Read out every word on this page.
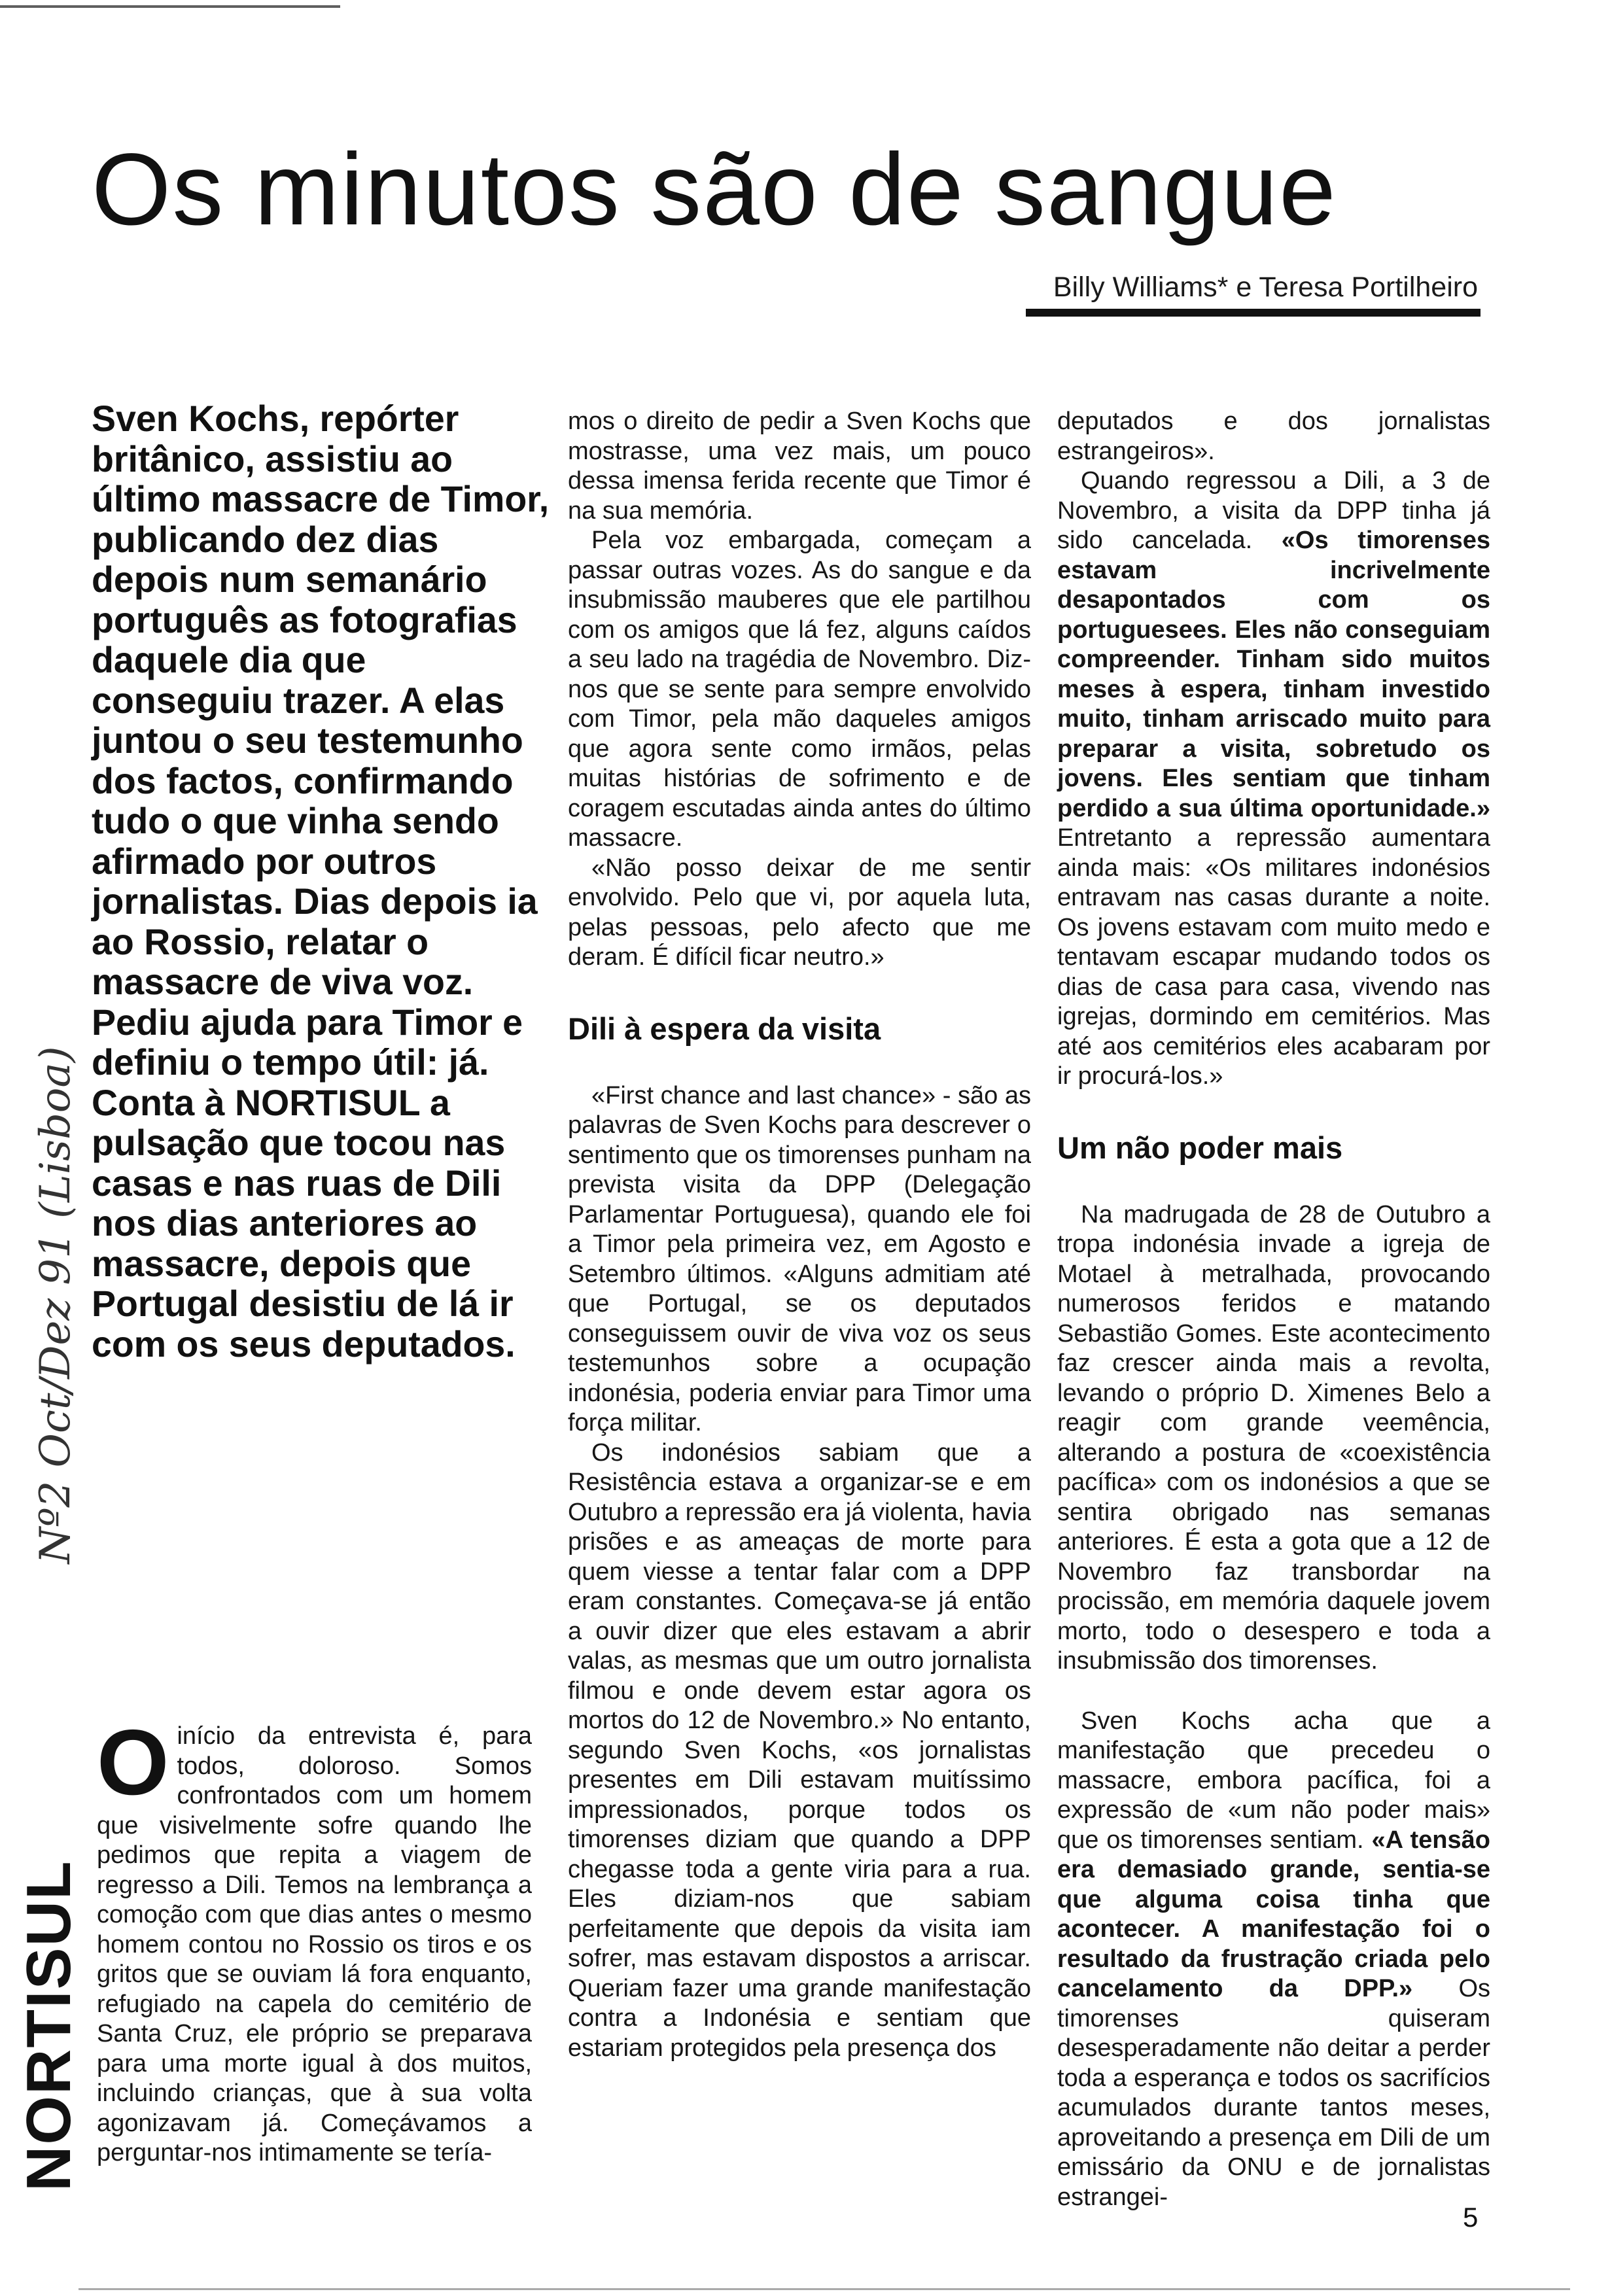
Os minutos são de sangue
Billy Williams* e Teresa Portilheiro
Sven Kochs, repórter britânico, assistiu ao último massacre de Timor, publicando dez dias depois num semanário português as fotografias daquele dia que conseguiu trazer. A elas juntou o seu testemunho dos factos, confirmando tudo o que vinha sendo afirmado por outros jornalistas. Dias depois ia ao Rossio, relatar o massacre de viva voz. Pediu ajuda para Timor e definiu o tempo útil: já. Conta à NORTISUL a pulsação que tocou nas casas e nas ruas de Dili nos dias anteriores ao massacre, depois que Portugal desistiu de lá ir com os seus deputados.

O início da entrevista é, para todos, doloroso. Somos confrontados com um homem que visivelmente sofre quando lhe pedimos que repita a viagem de regresso a Dili. Temos na lembrança a comoção com que dias antes o mesmo homem contou no Rossio os tiros e os gritos que se ouviam lá fora enquanto, refugiado na capela do cemitério de Santa Cruz, ele próprio se preparava para uma morte igual à dos muitos, incluindo crianças, que à sua volta agonizavam já. Começávamos a perguntar-nos intimamente se tería-

mos o direito de pedir a Sven Kochs que mostrasse, uma vez mais, um pouco dessa imensa ferida recente que Timor é na sua memória.

Pela voz embargada, começam a passar outras vozes. As do sangue e da insubmissão mauberes que ele partilhou com os amigos que lá fez, alguns caídos a seu lado na tragédia de Novembro. Diz-nos que se sente para sempre envolvido com Timor, pela mão daqueles amigos que agora sente como irmãos, pelas muitas histórias de sofrimento e de coragem escutadas ainda antes do último massacre.

«Não posso deixar de me sentir envolvido. Pelo que vi, por aquela luta, pelas pessoas, pelo afecto que me deram. É difícil ficar neutro.»

Dili à espera da visita

«First chance and last chance» - são as palavras de Sven Kochs para descrever o sentimento que os timorenses punham na prevista visita da DPP (Delegação Parlamentar Portuguesa), quando ele foi a Timor pela primeira vez, em Agosto e Setembro últimos. «Alguns admitiam até que Portugal, se os deputados conseguissem ouvir de viva voz os seus testemunhos sobre a ocupação indonésia, poderia enviar para Timor uma força militar.

Os indonésios sabiam que a Resistência estava a organizar-se e em Outubro a repressão era já violenta, havia prisões e as ameaças de morte para quem viesse a tentar falar com a DPP eram constantes. Começava-se já então a ouvir dizer que eles estavam a abrir valas, as mesmas que um outro jornalista filmou e onde devem estar agora os mortos do 12 de Novembro.» No entanto, segundo Sven Kochs, «os jornalistas presentes em Dili estavam muitíssimo impressionados, porque todos os timorenses diziam que quando a DPP chegasse toda a gente viria para a rua. Eles diziam-nos que sabiam perfeitamente que depois da visita iam sofrer, mas estavam dispostos a arriscar. Queriam fazer uma grande manifestação contra a Indonésia e sentiam que estariam protegidos pela presença dos

deputados e dos jornalistas estrangeiros».

Quando regressou a Dili, a 3 de Novembro, a visita da DPP tinha já sido cancelada. «Os timorenses estavam incrivelmente desapontados com os portuguesees. Eles não conseguiam compreender. Tinham sido muitos meses à espera, tinham investido muito, tinham arriscado muito para preparar a visita, sobretudo os jovens. Eles sentiam que tinham perdido a sua última oportunidade.» Entretanto a repressão aumentara ainda mais: «Os militares indonésios entravam nas casas durante a noite. Os jovens estavam com muito medo e tentavam escapar mudando todos os dias de casa para casa, vivendo nas igrejas, dormindo em cemitérios. Mas até aos cemitérios eles acabaram por ir procurá-los.»

Um não poder mais

Na madrugada de 28 de Outubro a tropa indonésia invade a igreja de Motael à metralhada, provocando numerosos feridos e matando Sebastião Gomes. Este acontecimento faz crescer ainda mais a revolta, levando o próprio D. Ximenes Belo a reagir com grande veemência, alterando a postura de «coexistência pacífica» com os indonésios a que se sentira obrigado nas semanas anteriores. É esta a gota que a 12 de Novembro faz transbordar na procissão, em memória daquele jovem morto, todo o desespero e toda a insubmissão dos timorenses.

Sven Kochs acha que a manifestação que precedeu o massacre, embora pacífica, foi a expressão de «um não poder mais» que os timorenses sentiam. «A tensão era demasiado grande, sentia-se que alguma coisa tinha que acontecer. A manifestação foi o resultado da frustração criada pelo cancelamento da DPP.» Os timorenses quiseram desesperadamente não deitar a perder toda a esperança e todos os sacrifícios acumulados durante tantos meses, aproveitando a presença em Dili de um emissário da ONU e de jornalistas estrangei-

Nº2 Oct/Dez 91 (Lisboa)
NORTISUL
5
